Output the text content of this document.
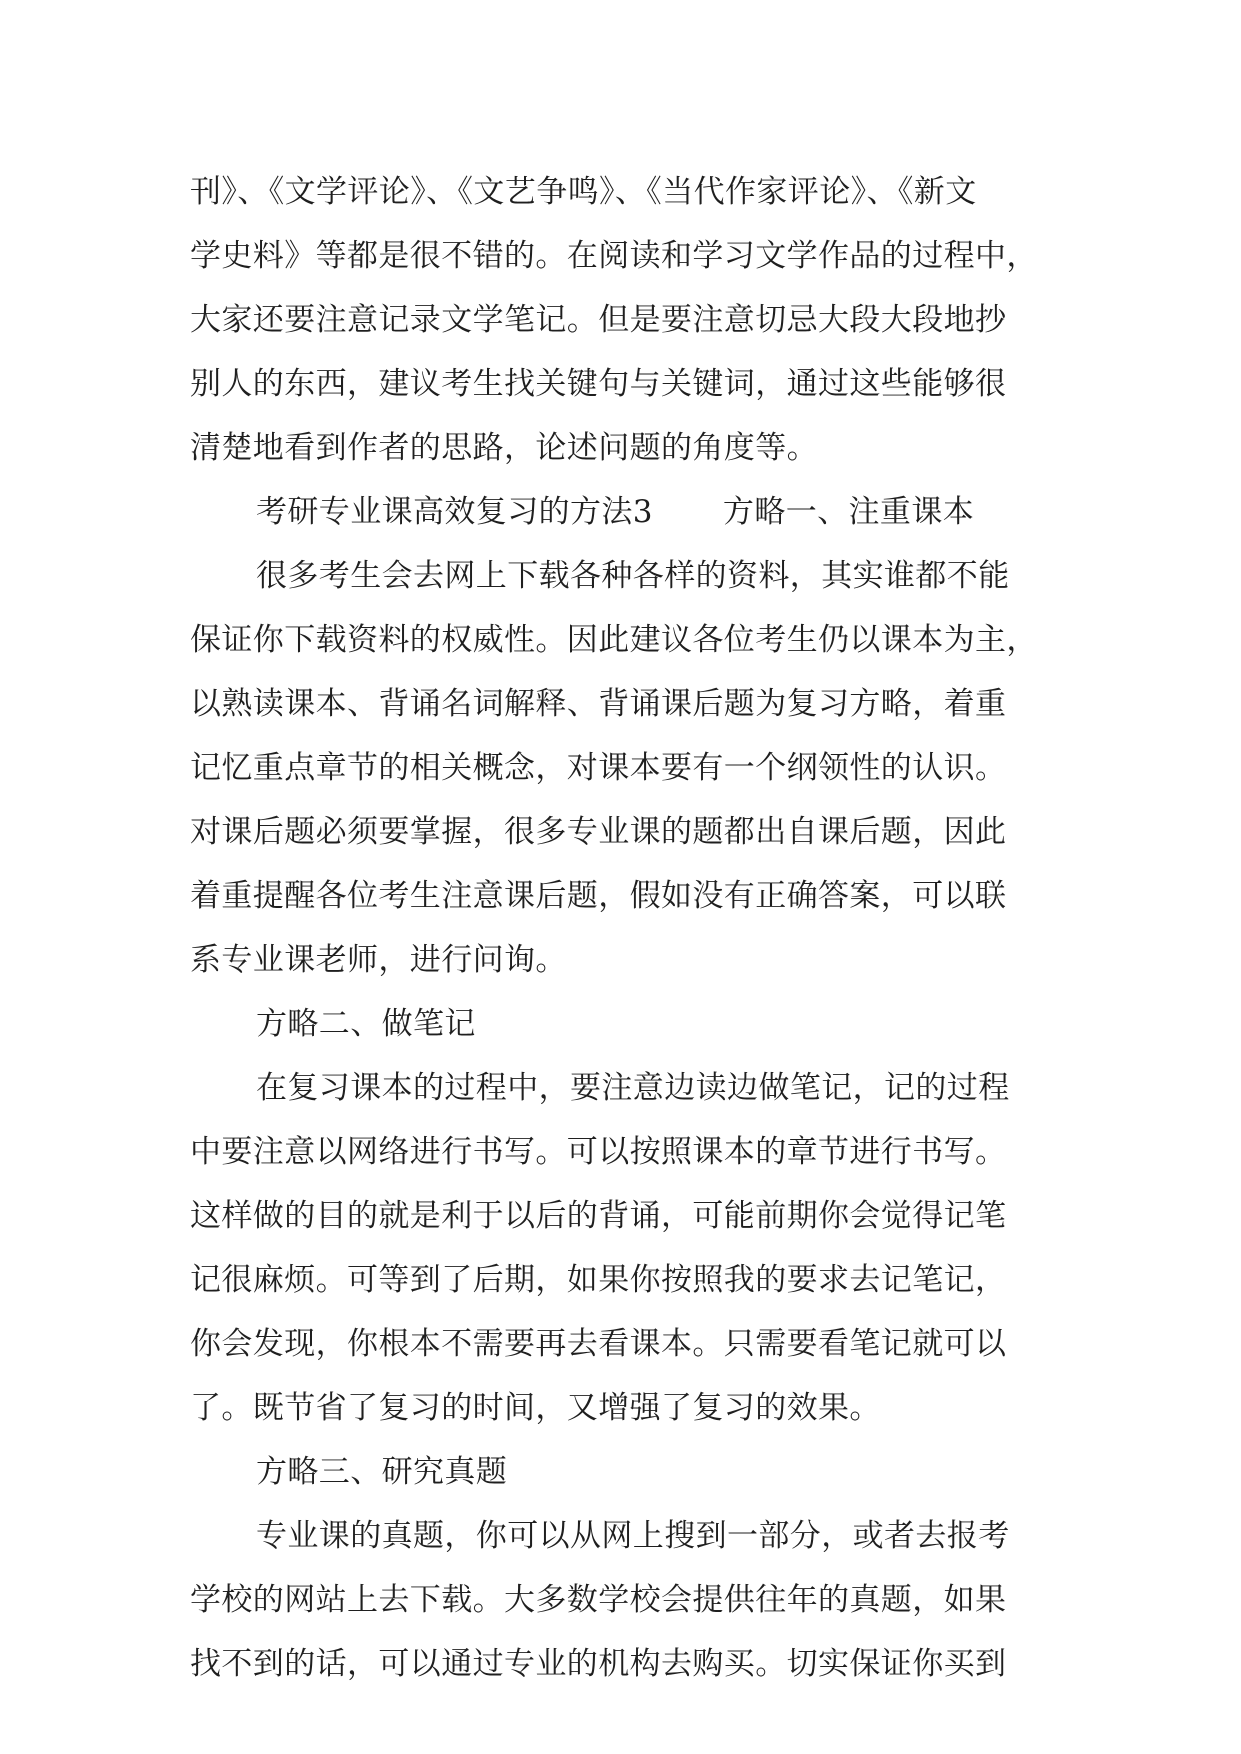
刊》、《文学评论》、《文艺争鸣》、《当代作家评论》、《新文
学史料》等都是很不错的。在阅读和学习文学作品的过程中，
大家还要注意记录文学笔记。但是要注意切忌大段大段地抄
别人的东西，建议考生找关键句与关键词，通过这些能够很
清楚地看到作者的思路，论述问题的角度等。
考研专业课高效复习的方法3 方略一、注重课本
很多考生会去网上下载各种各样的资料，其实谁都不能
保证你下载资料的权威性。因此建议各位考生仍以课本为主，
以熟读课本、背诵名词解释、背诵课后题为复习方略，着重
记忆重点章节的相关概念，对课本要有一个纲领性的认识。
对课后题必须要掌握，很多专业课的题都出自课后题，因此
着重提醒各位考生注意课后题，假如没有正确答案，可以联
系专业课老师，进行问询。
方略二、做笔记
在复习课本的过程中，要注意边读边做笔记，记的过程
中要注意以网络进行书写。可以按照课本的章节进行书写。
这样做的目的就是利于以后的背诵，可能前期你会觉得记笔
记很麻烦。可等到了后期，如果你按照我的要求去记笔记，
你会发现，你根本不需要再去看课本。只需要看笔记就可以
了。既节省了复习的时间，又增强了复习的效果。
方略三、研究真题
专业课的真题，你可以从网上搜到一部分，或者去报考
学校的网站上去下载。大多数学校会提供往年的真题，如果
找不到的话，可以通过专业的机构去购买。切实保证你买到
